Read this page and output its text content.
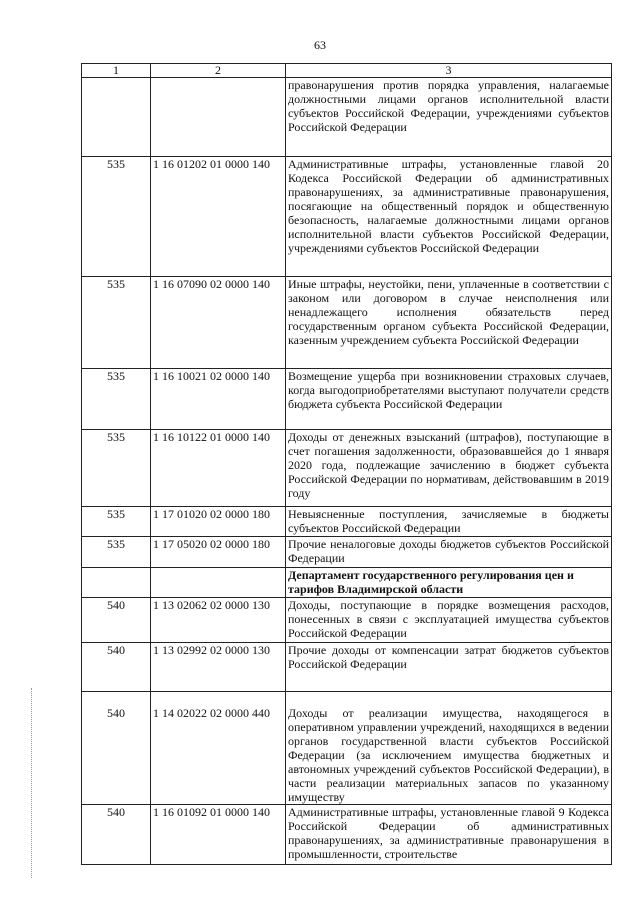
63
1	2	3
		правонарушения против порядка управления, налагаемые должностными лицами органов исполнительной власти субъектов Российской Федерации, учреждениями субъектов Российской Федерации
535	1 16 01202 01 0000 140	Административные штрафы, установленные главой 20 Кодекса Российской Федерации об административных правонарушениях, за административные правонарушения, посягающие на общественный порядок и общественную безопасность, налагаемые должностными лицами органов исполнительной власти субъектов Российской Федерации, учреждениями субъектов Российской Федерации
535	1 16 07090 02 0000 140	Иные штрафы, неустойки, пени, уплаченные в соответствии с законом или договором в случае неисполнения или ненадлежащего исполнения обязательств перед государственным органом субъекта Российской Федерации, казенным учреждением субъекта Российской Федерации
535	1 16 10021 02 0000 140	Возмещение ущерба при возникновении страховых случаев, когда выгодоприобретателями выступают получатели средств бюджета субъекта Российской Федерации
535	1 16 10122 01 0000 140	Доходы от денежных взысканий (штрафов), поступающие в счет погашения задолженности, образовавшейся до 1 января 2020 года, подлежащие зачислению в бюджет субъекта Российской Федерации по нормативам, действовавшим в 2019 году
535	1 17 01020 02 0000 180	Невыясненные поступления, зачисляемые в бюджеты субъектов Российской Федерации
535	1 17 05020 02 0000 180	Прочие неналоговые доходы бюджетов субъектов Российской Федерации
		Департамент государственного регулирования цен и тарифов Владимирской области
540	1 13 02062 02 0000 130	Доходы, поступающие в порядке возмещения расходов, понесенных в связи с эксплуатацией имущества субъектов Российской Федерации
540	1 13 02992 02 0000 130	Прочие доходы от компенсации затрат бюджетов субъектов Российской Федерации
540	1 14 02022 02 0000 440	Доходы от реализации имущества, находящегося в оперативном управлении учреждений, находящихся в ведении органов государственной власти субъектов Российской Федерации (за исключением имущества бюджетных и автономных учреждений субъектов Российской Федерации), в части реализации материальных запасов по указанному имуществу
540	1 16 01092 01 0000 140	Административные штрафы, установленные главой 9 Кодекса Российской Федерации об административных правонарушениях, за административные правонарушения в промышленности, строительстве
